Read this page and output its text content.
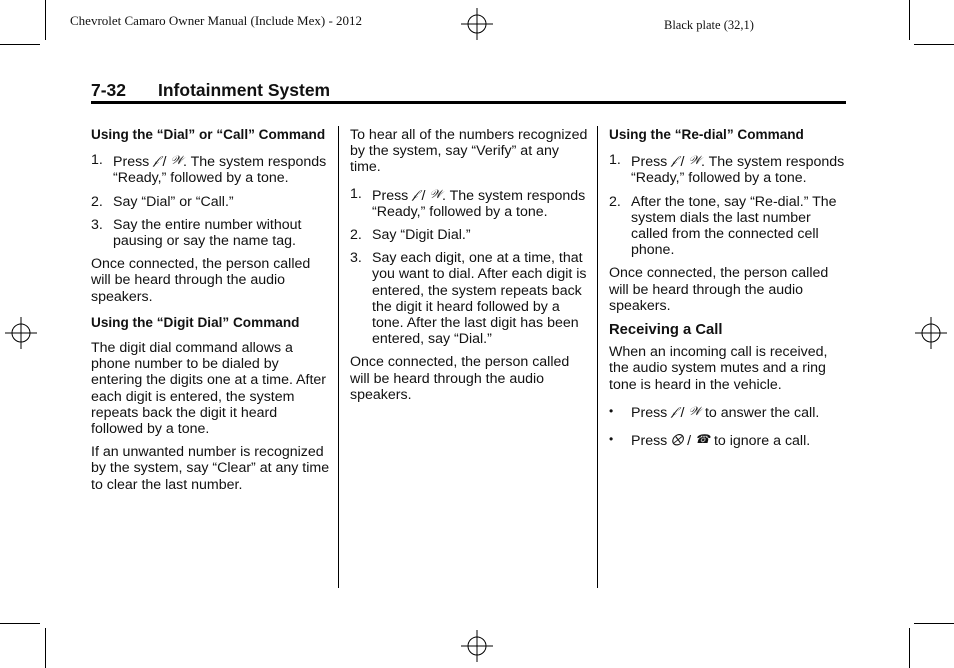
Chevrolet Camaro Owner Manual (Include Mex) - 2012	Black plate (32,1)
7-32 Infotainment System
Using the “Dial” or “Call” Command
1. Press 𝒻 / 𝒲. The system responds “Ready,” followed by a tone.
2. Say “Dial” or “Call.”
3. Say the entire number without pausing or say the name tag.

Once connected, the person called will be heard through the audio speakers.

Using the “Digit Dial” Command

The digit dial command allows a phone number to be dialed by entering the digits one at a time. After each digit is entered, the system repeats back the digit it heard followed by a tone.

If an unwanted number is recognized by the system, say “Clear” at any time to clear the last number.

To hear all of the numbers recognized by the system, say “Verify” at any time.

1. Press 𝒻 / 𝒲. The system responds “Ready,” followed by a tone.
2. Say “Digit Dial.”
3. Say each digit, one at a time, that you want to dial. After each digit is entered, the system repeats back the digit it heard followed by a tone. After the last digit has been entered, say “Dial.”

Once connected, the person called will be heard through the audio speakers.

Using the “Re-dial” Command
1. Press 𝒻 / 𝒲. The system responds “Ready,” followed by a tone.
2. After the tone, say “Re-dial.” The system dials the last number called from the connected cell phone.

Once connected, the person called will be heard through the audio speakers.

Receiving a Call

When an incoming call is received, the audio system mutes and a ring tone is heard in the vehicle.

• Press 𝒻 / 𝒲 to answer the call.
• Press ⨂ / ☎ to ignore a call.
